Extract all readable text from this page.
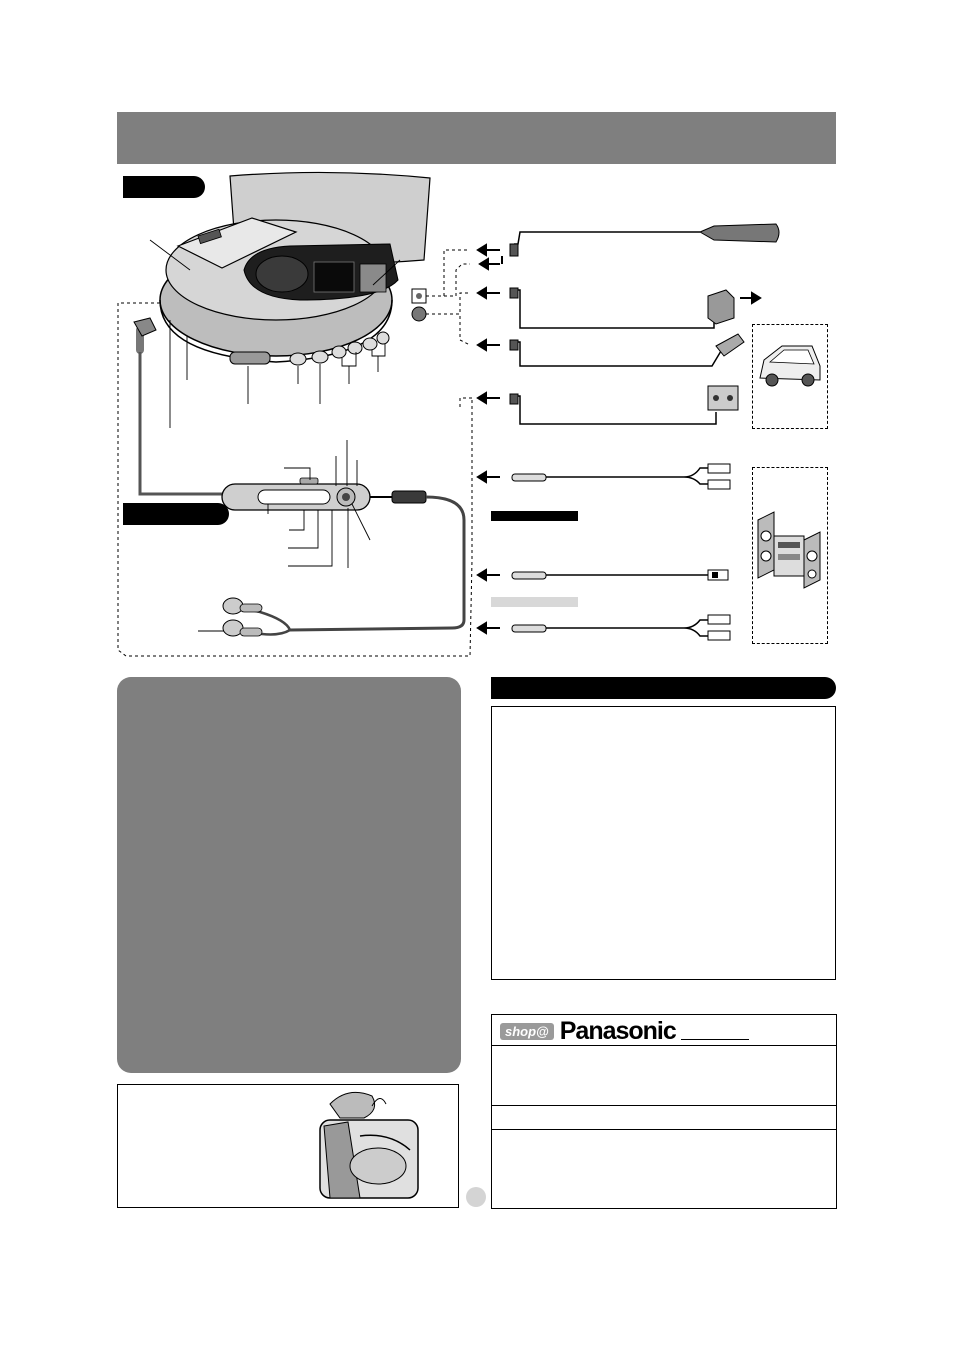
shop@ Panasonic
